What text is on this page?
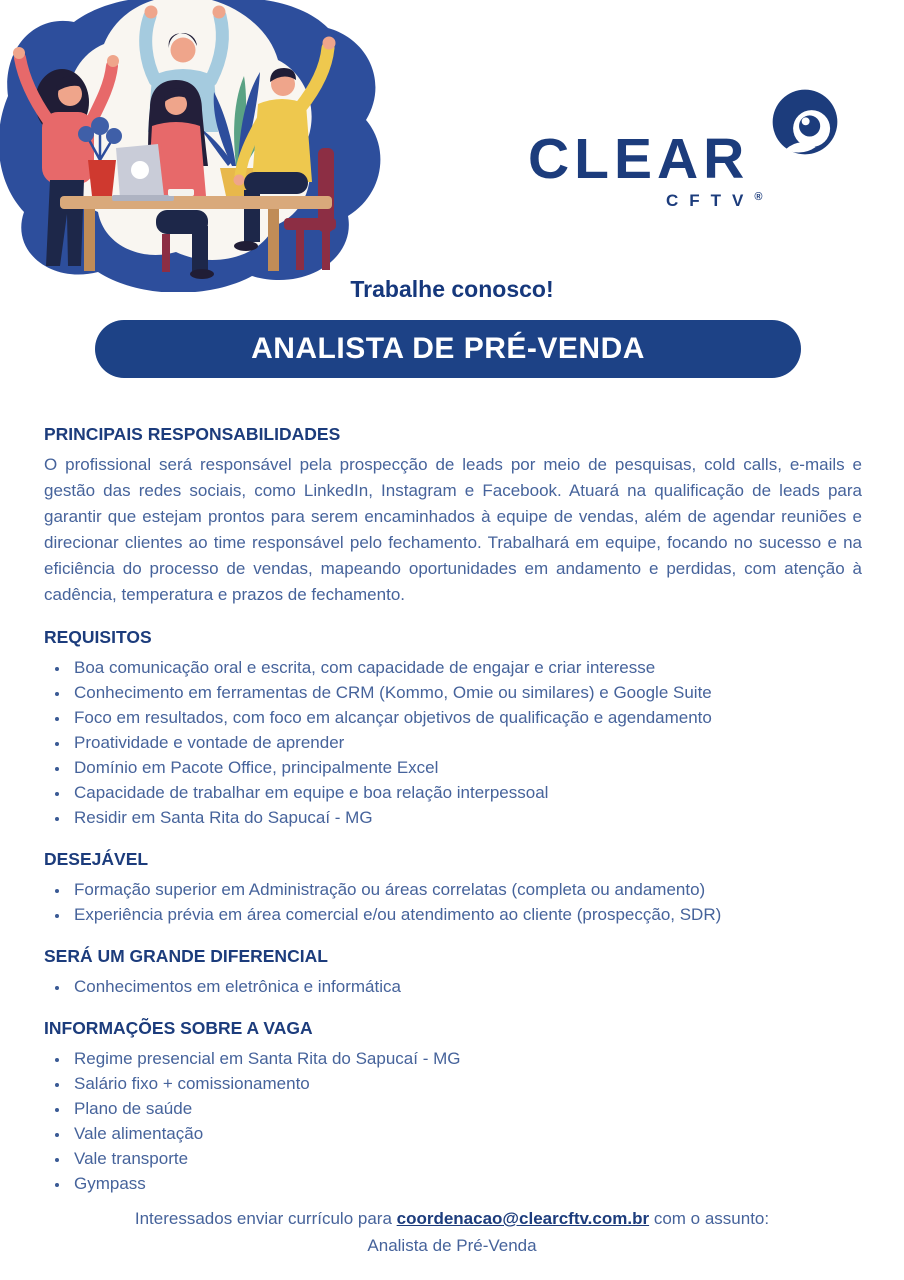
CLEAR
CFTV®
Trabalhe conosco!
ANALISTA DE PRÉ-VENDA
PRINCIPAIS RESPONSABILIDADES

O profissional será responsável pela prospecção de leads por meio de pesquisas, cold calls, e-mails e gestão das redes sociais, como LinkedIn, Instagram e Facebook. Atuará na qualificação de leads para garantir que estejam prontos para serem encaminhados à equipe de vendas, além de agendar reuniões e direcionar clientes ao time responsável pelo fechamento. Trabalhará em equipe, focando no sucesso e na eficiência do processo de vendas, mapeando oportunidades em andamento e perdidas, com atenção à cadência, temperatura e prazos de fechamento.

REQUISITOS
• Boa comunicação oral e escrita, com capacidade de engajar e criar interesse
• Conhecimento em ferramentas de CRM (Kommo, Omie ou similares) e Google Suite
• Foco em resultados, com foco em alcançar objetivos de qualificação e agendamento
• Proatividade e vontade de aprender
• Domínio em Pacote Office, principalmente Excel
• Capacidade de trabalhar em equipe e boa relação interpessoal
• Residir em Santa Rita do Sapucaí - MG
DESEJÁVEL
• Formação superior em Administração ou áreas correlatas (completa ou andamento)
• Experiência prévia em área comercial e/ou atendimento ao cliente (prospecção, SDR)
SERÁ UM GRANDE DIFERENCIAL
• Conhecimentos em eletrônica e informática
INFORMAÇÕES SOBRE A VAGA
• Regime presencial em Santa Rita do Sapucaí - MG
• Salário fixo + comissionamento
• Plano de saúde
• Vale alimentação
• Vale transporte
• Gympass

Interessados enviar currículo para coordenacao@clearcftv.com.br com o assunto:

Analista de Pré-Venda
